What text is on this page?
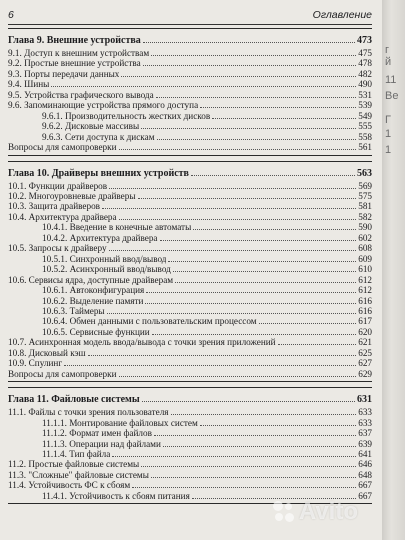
6	Оглавление
Глава 9. Внешние устройства	473
9.1. Доступ к внешним устройствам	475
9.2. Простые внешние устройства	478
9.3. Порты передачи данных	482
9.4. Шины	490
9.5. Устройства графического вывода	531
9.6. Запоминающие устройства прямого доступа	539
9.6.1. Производительность жестких дисков	549
9.6.2. Дисковые массивы	555
9.6.3. Сети доступа к дискам	558
Вопросы для самопроверки	561
Глава 10. Драйверы внешних устройств	563
10.1. Функции драйверов	569
10.2. Многоуровневые драйверы	575
10.3. Защита драйверов	581
10.4. Архитектура драйвера	582
10.4.1. Введение в конечные автоматы	590
10.4.2. Архитектура драйвера	602
10.5. Запросы к драйверу	608
10.5.1. Синхронный ввод/вывод	609
10.5.2. Асинхронный ввод/вывод	610
10.6. Сервисы ядра, доступные драйверам	612
10.6.1. Автоконфигурация	612
10.6.2. Выделение памяти	616
10.6.3. Таймеры	616
10.6.4. Обмен данными с пользовательским процессом	617
10.6.5. Сервисные функции	620
10.7. Асинхронная модель ввода/вывода с точки зрения приложений	621
10.8. Дисковый кэш	625
10.9. Спулинг	627
Вопросы для самопроверки	629
Глава 11. Файловые системы	631
11.1. Файлы с точки зрения пользователя	633
11.1.1. Монтирование файловых систем	633
11.1.2. Формат имен файлов	637
11.1.3. Операции над файлами	639
11.1.4. Тип файла	641
11.2. Простые файловые системы	646
11.3. "Сложные" файловые системы	648
11.4. Устойчивость ФС к сбоям	667
11.4.1. Устойчивость к сбоям питания	667
Avito
г
й
11
Ве
Г
1
1
